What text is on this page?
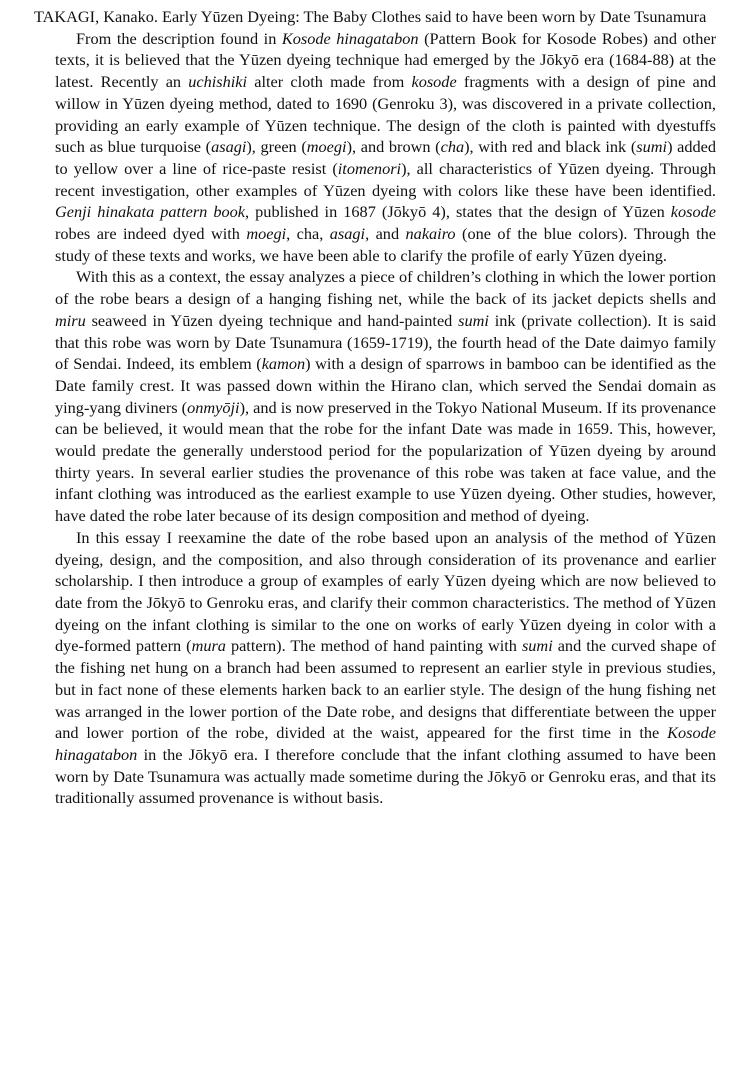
TAKAGI, Kanako. Early Yūzen Dyeing: The Baby Clothes said to have been worn by Date Tsunamura

From the description found in Kosode hinagatabon (Pattern Book for Kosode Robes) and other texts, it is believed that the Yūzen dyeing technique had emerged by the Jōkyō era (1684-88) at the latest. Recently an uchishiki alter cloth made from kosode fragments with a design of pine and willow in Yūzen dyeing method, dated to 1690 (Genroku 3), was discovered in a private collection, providing an early example of Yūzen technique. The design of the cloth is painted with dyestuffs such as blue turquoise (asagi), green (moegi), and brown (cha), with red and black ink (sumi) added to yellow over a line of rice-paste resist (itomenori), all characteristics of Yūzen dyeing. Through recent investigation, other examples of Yūzen dyeing with colors like these have been identified. Genji hinakata pattern book, published in 1687 (Jōkyō 4), states that the design of Yūzen kosode robes are indeed dyed with moegi, cha, asagi, and nakairo (one of the blue colors). Through the study of these texts and works, we have been able to clarify the profile of early Yūzen dyeing.

With this as a context, the essay analyzes a piece of children’s clothing in which the lower portion of the robe bears a design of a hanging fishing net, while the back of its jacket depicts shells and miru seaweed in Yūzen dyeing technique and hand-painted sumi ink (private collection). It is said that this robe was worn by Date Tsunamura (1659-1719), the fourth head of the Date daimyo family of Sendai. Indeed, its emblem (kamon) with a design of sparrows in bamboo can be identified as the Date family crest. It was passed down within the Hirano clan, which served the Sendai domain as ying-yang diviners (onmyōji), and is now preserved in the Tokyo National Museum. If its provenance can be believed, it would mean that the robe for the infant Date was made in 1659. This, however, would predate the generally understood period for the popularization of Yūzen dyeing by around thirty years. In several earlier studies the provenance of this robe was taken at face value, and the infant clothing was introduced as the earliest example to use Yūzen dyeing. Other studies, however, have dated the robe later because of its design composition and method of dyeing.

In this essay I reexamine the date of the robe based upon an analysis of the method of Yūzen dyeing, design, and the composition, and also through consideration of its provenance and earlier scholarship. I then introduce a group of examples of early Yūzen dyeing which are now believed to date from the Jōkyō to Genroku eras, and clarify their common characteristics. The method of Yūzen dyeing on the infant clothing is similar to the one on works of early Yūzen dyeing in color with a dye-formed pattern (mura pattern). The method of hand painting with sumi and the curved shape of the fishing net hung on a branch had been assumed to represent an earlier style in previous studies, but in fact none of these elements harken back to an earlier style. The design of the hung fishing net was arranged in the lower portion of the Date robe, and designs that differentiate between the upper and lower portion of the robe, divided at the waist, appeared for the first time in the Kosode hinagatabon in the Jōkyō era. I therefore conclude that the infant clothing assumed to have been worn by Date Tsunamura was actually made sometime during the Jōkyō or Genroku eras, and that its traditionally assumed provenance is without basis.
